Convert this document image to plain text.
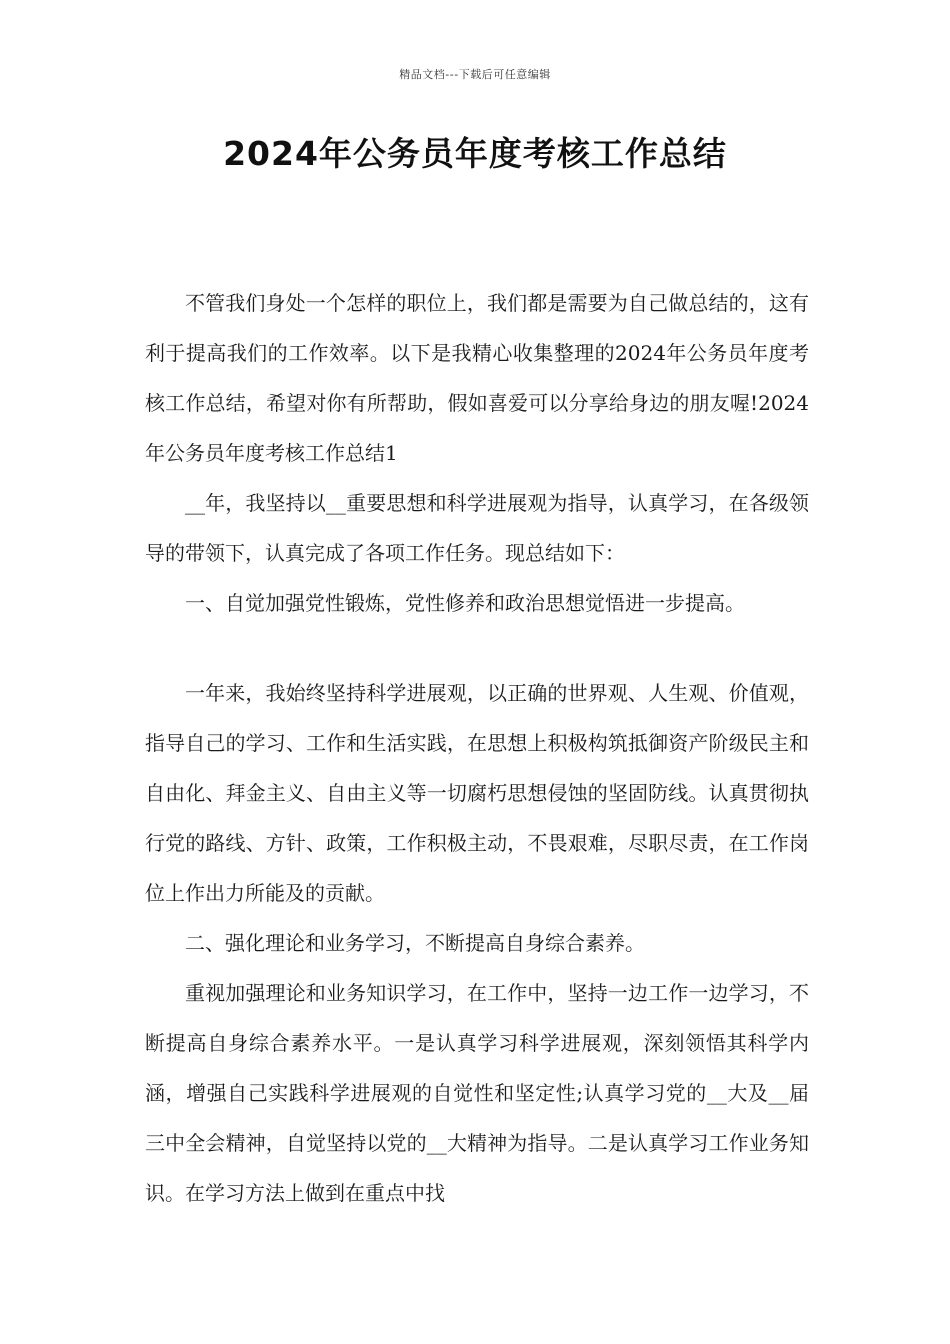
精品文档---下载后可任意编辑
2024年公务员年度考核工作总结

不管我们身处一个怎样的职位上，我们都是需要为自己做总结的，这有利于提高我们的工作效率。以下是我精心收集整理的2024年公务员年度考核工作总结，希望对你有所帮助，假如喜爱可以分享给身边的朋友喔!2024年公务员年度考核工作总结1

__年，我坚持以__重要思想和科学进展观为指导，认真学习，在各级领导的带领下，认真完成了各项工作任务。现总结如下：

一、自觉加强党性锻炼，党性修养和政治思想觉悟进一步提高。

一年来，我始终坚持科学进展观，以正确的世界观、人生观、价值观，指导自己的学习、工作和生活实践，在思想上积极构筑抵御资产阶级民主和自由化、拜金主义、自由主义等一切腐朽思想侵蚀的坚固防线。认真贯彻执行党的路线、方针、政策，工作积极主动，不畏艰难，尽职尽责，在工作岗位上作出力所能及的贡献。

二、强化理论和业务学习，不断提高自身综合素养。

重视加强理论和业务知识学习，在工作中，坚持一边工作一边学习，不断提高自身综合素养水平。一是认真学习科学进展观，深刻领悟其科学内涵，增强自己实践科学进展观的自觉性和坚定性;认真学习党的__大及__届三中全会精神，自觉坚持以党的__大精神为指导。二是认真学习工作业务知识。在学习方法上做到在重点中找
